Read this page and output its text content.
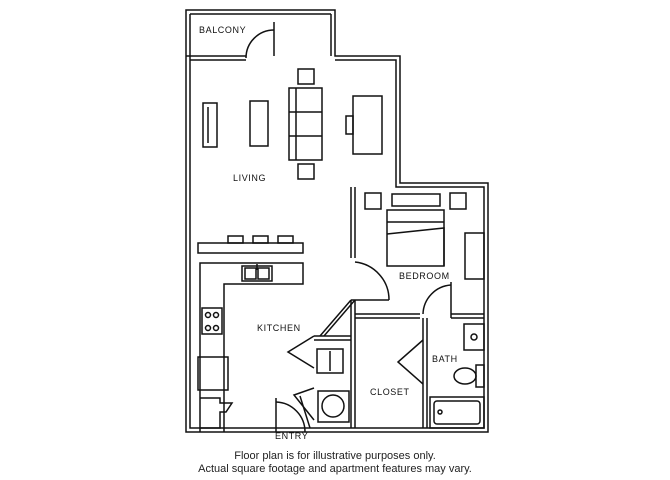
BALCONY
LIVING
BEDROOM
KITCHEN
BATH
CLOSET
ENTRY
Floor plan is for illustrative purposes only.
Actual square footage and apartment features may vary.
